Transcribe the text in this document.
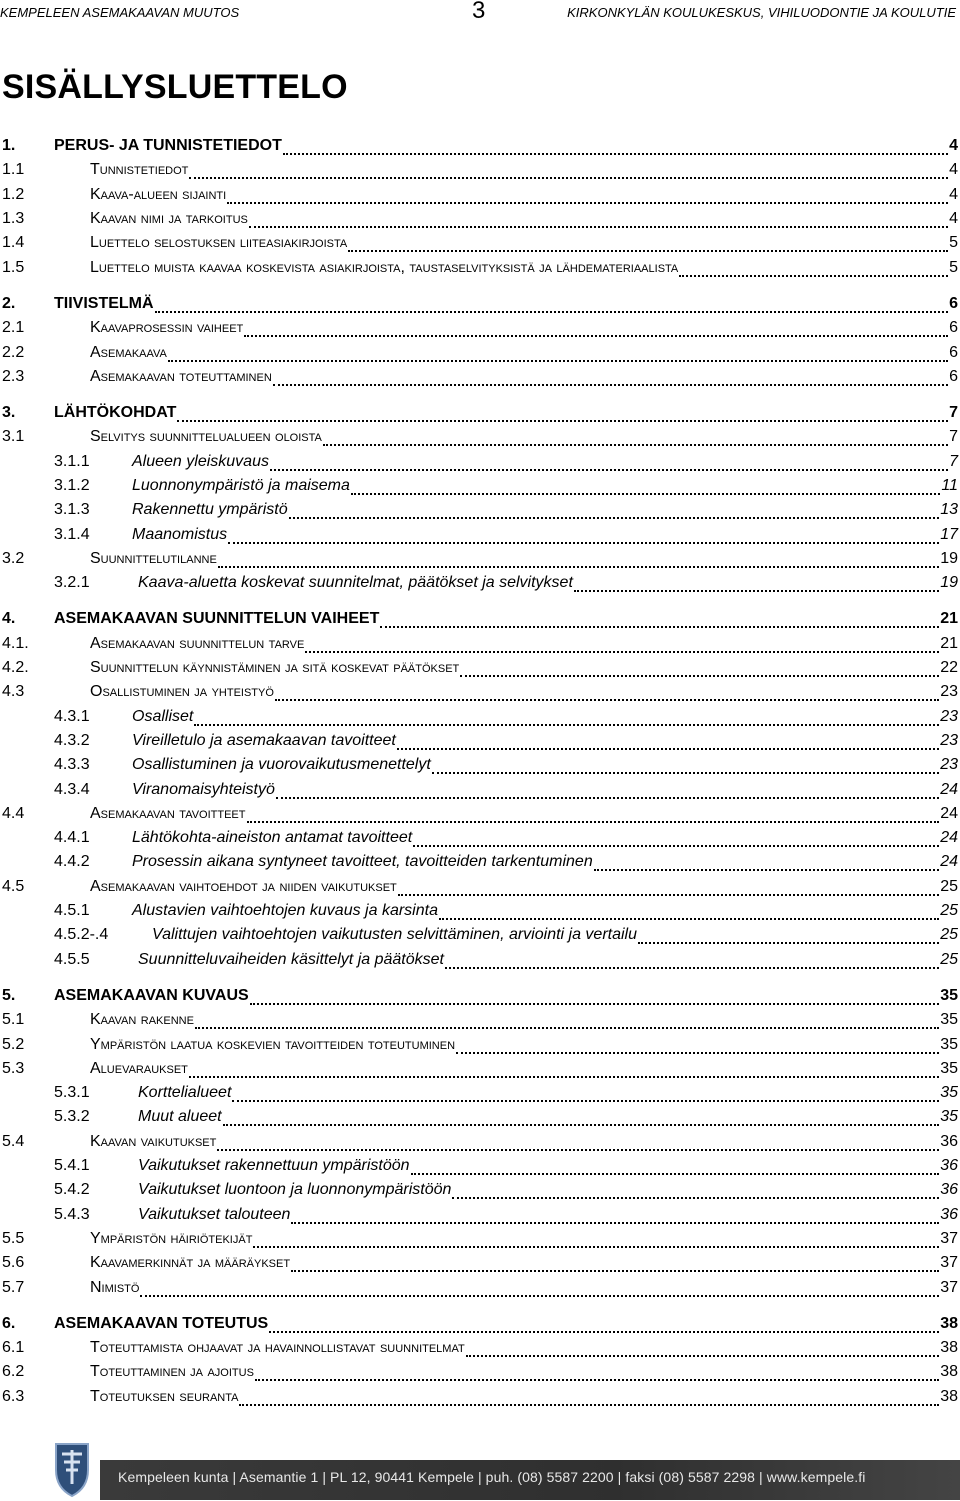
KEMPELEEN ASEMAKAAVAN MUUTOS	3	KIRKONKYLÄN KOULUKESKUS, VIHILUODONTIE JA KOULUTIE
SISÄLLYSLUETTELO
1.	PERUS- JA TUNNISTETIEDOT	4
1.1	Tunnistetiedot	4
1.2	Kaava-alueen sijainti	4
1.3	Kaavan nimi ja tarkoitus	4
1.4	Luettelo selostuksen liiteasiakirjoista	5
1.5	Luettelo muista kaavaa koskevista asiakirjoista, taustaselvityksistä ja lähdemateriaalista	5
2.	TIIVISTELMÄ	6
2.1	Kaavaprosessin vaiheet	6
2.2	Asemakaava	6
2.3	Asemakaavan toteuttaminen	6
3.	LÄHTÖKOHDAT	7
3.1	Selvitys suunnittelualueen oloista	7
3.1.1	Alueen yleiskuvaus	7
3.1.2	Luonnonympäristö ja maisema	11
3.1.3	Rakennettu ympäristö	13
3.1.4	Maanomistus	17
3.2	Suunnittelutilanne	19
3.2.1	Kaava-aluetta koskevat suunnitelmat, päätökset ja selvitykset	19
4.	ASEMAKAAVAN SUUNNITTELUN VAIHEET	21
4.1.	Asemakaavan suunnittelun tarve	21
4.2.	Suunnittelun käynnistäminen ja sitä koskevat päätökset	22
4.3	Osallistuminen ja yhteistyö	23
4.3.1	Osalliset	23
4.3.2	Vireilletulo ja asemakaavan tavoitteet	23
4.3.3	Osallistuminen ja vuorovaikutusmenettelyt	23
4.3.4	Viranomaisyhteistyö	24
4.4	Asemakaavan tavoitteet	24
4.4.1	Lähtökohta-aineiston antamat tavoitteet	24
4.4.2	Prosessin aikana syntyneet tavoitteet, tavoitteiden tarkentuminen	24
4.5	Asemakaavan vaihtoehdot ja niiden vaikutukset	25
4.5.1	Alustavien vaihtoehtojen kuvaus ja karsinta	25
4.5.2-.4	Valittujen vaihtoehtojen vaikutusten selvittäminen, arviointi ja vertailu	25
4.5.5	Suunnitteluvaiheiden käsittelyt ja päätökset	25
5.	ASEMAKAAVAN KUVAUS	35
5.1	Kaavan rakenne	35
5.2	Ympäristön laatua koskevien tavoitteiden toteutuminen	35
5.3	Aluevaraukset	35
5.3.1	Korttelialueet	35
5.3.2	Muut alueet	35
5.4	Kaavan vaikutukset	36
5.4.1	Vaikutukset rakennettuun ympäristöön	36
5.4.2	Vaikutukset luontoon ja luonnonympäristöön	36
5.4.3	Vaikutukset talouteen	36
5.5	Ympäristön häiriötekijät	37
5.6	Kaavamerkinnät ja määräykset	37
5.7	Nimistö	37
6.	ASEMAKAAVAN TOTEUTUS	38
6.1	Toteuttamista ohjaavat ja havainnollistavat suunnitelmat	38
6.2	Toteuttaminen ja ajoitus	38
6.3	Toteutuksen seuranta	38
Kempeleen kunta | Asemantie 1 | PL 12, 90441 Kempele | puh. (08) 5587 2200 | faksi (08) 5587 2298 | www.kempele.fi
